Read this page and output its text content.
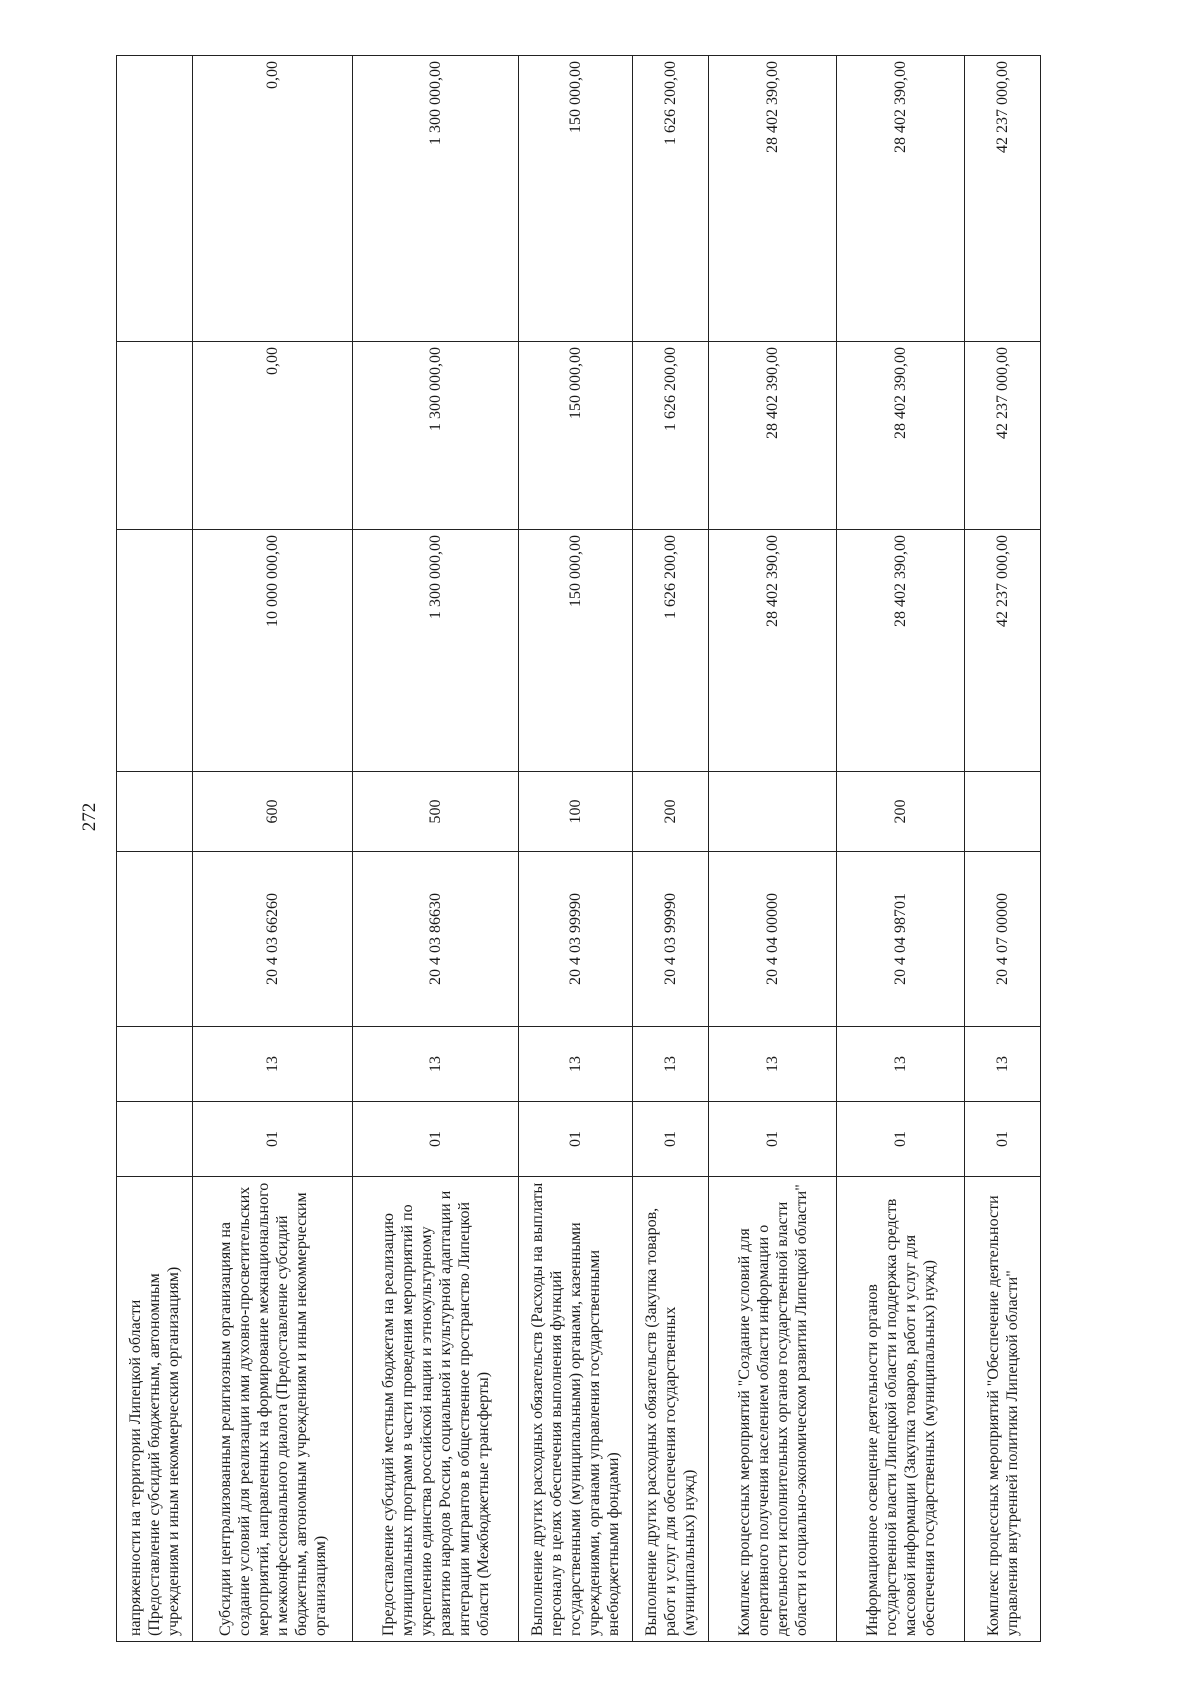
272
напряженности на территории Липецкой области (Предоставление субсидий бюджетным, автономным учреждениям и иным некоммерческим организациям)							
Субсидии централизованным религиозным организациям на создание условий для реализации ими духовно-просветительских мероприятий, направленных на формирование межнационального и межконфессионального диалога (Предоставление субсидий бюджетным, автономным учреждениям и иным некоммерческим организациям)	01	13	20 4 03 66260	600	10 000 000,00	0,00	0,00
Предоставление субсидий местным бюджетам на реализацию муниципальных программ в части проведения мероприятий по укреплению единства российской нации и этнокультурному развитию народов России, социальной и культурной адаптации и интеграции мигрантов в общественное пространство Липецкой области (Межбюджетные трансферты)	01	13	20 4 03 86630	500	1 300 000,00	1 300 000,00	1 300 000,00
Выполнение других расходных обязательств (Расходы на выплаты персоналу в целях обеспечения выполнения функций государственными (муниципальными) органами, казенными учреждениями, органами управления государственными внебюджетными фондами)	01	13	20 4 03 99990	100	150 000,00	150 000,00	150 000,00
Выполнение других расходных обязательств (Закупка товаров, работ и услуг для обеспечения государственных (муниципальных) нужд)	01	13	20 4 03 99990	200	1 626 200,00	1 626 200,00	1 626 200,00
Комплекс процессных мероприятий "Создание условий для оперативного получения населением области информации о деятельности исполнительных органов государственной власти области и социально-экономическом развитии Липецкой области"	01	13	20 4 04 00000		28 402 390,00	28 402 390,00	28 402 390,00
Информационное освещение деятельности органов государственной власти Липецкой области и поддержка средств массовой информации (Закупка товаров, работ и услуг для обеспечения государственных (муниципальных) нужд)	01	13	20 4 04 98701	200	28 402 390,00	28 402 390,00	28 402 390,00
Комплекс процессных мероприятий "Обеспечение деятельности управления внутренней политики Липецкой области"	01	13	20 4 07 00000		42 237 000,00	42 237 000,00	42 237 000,00
